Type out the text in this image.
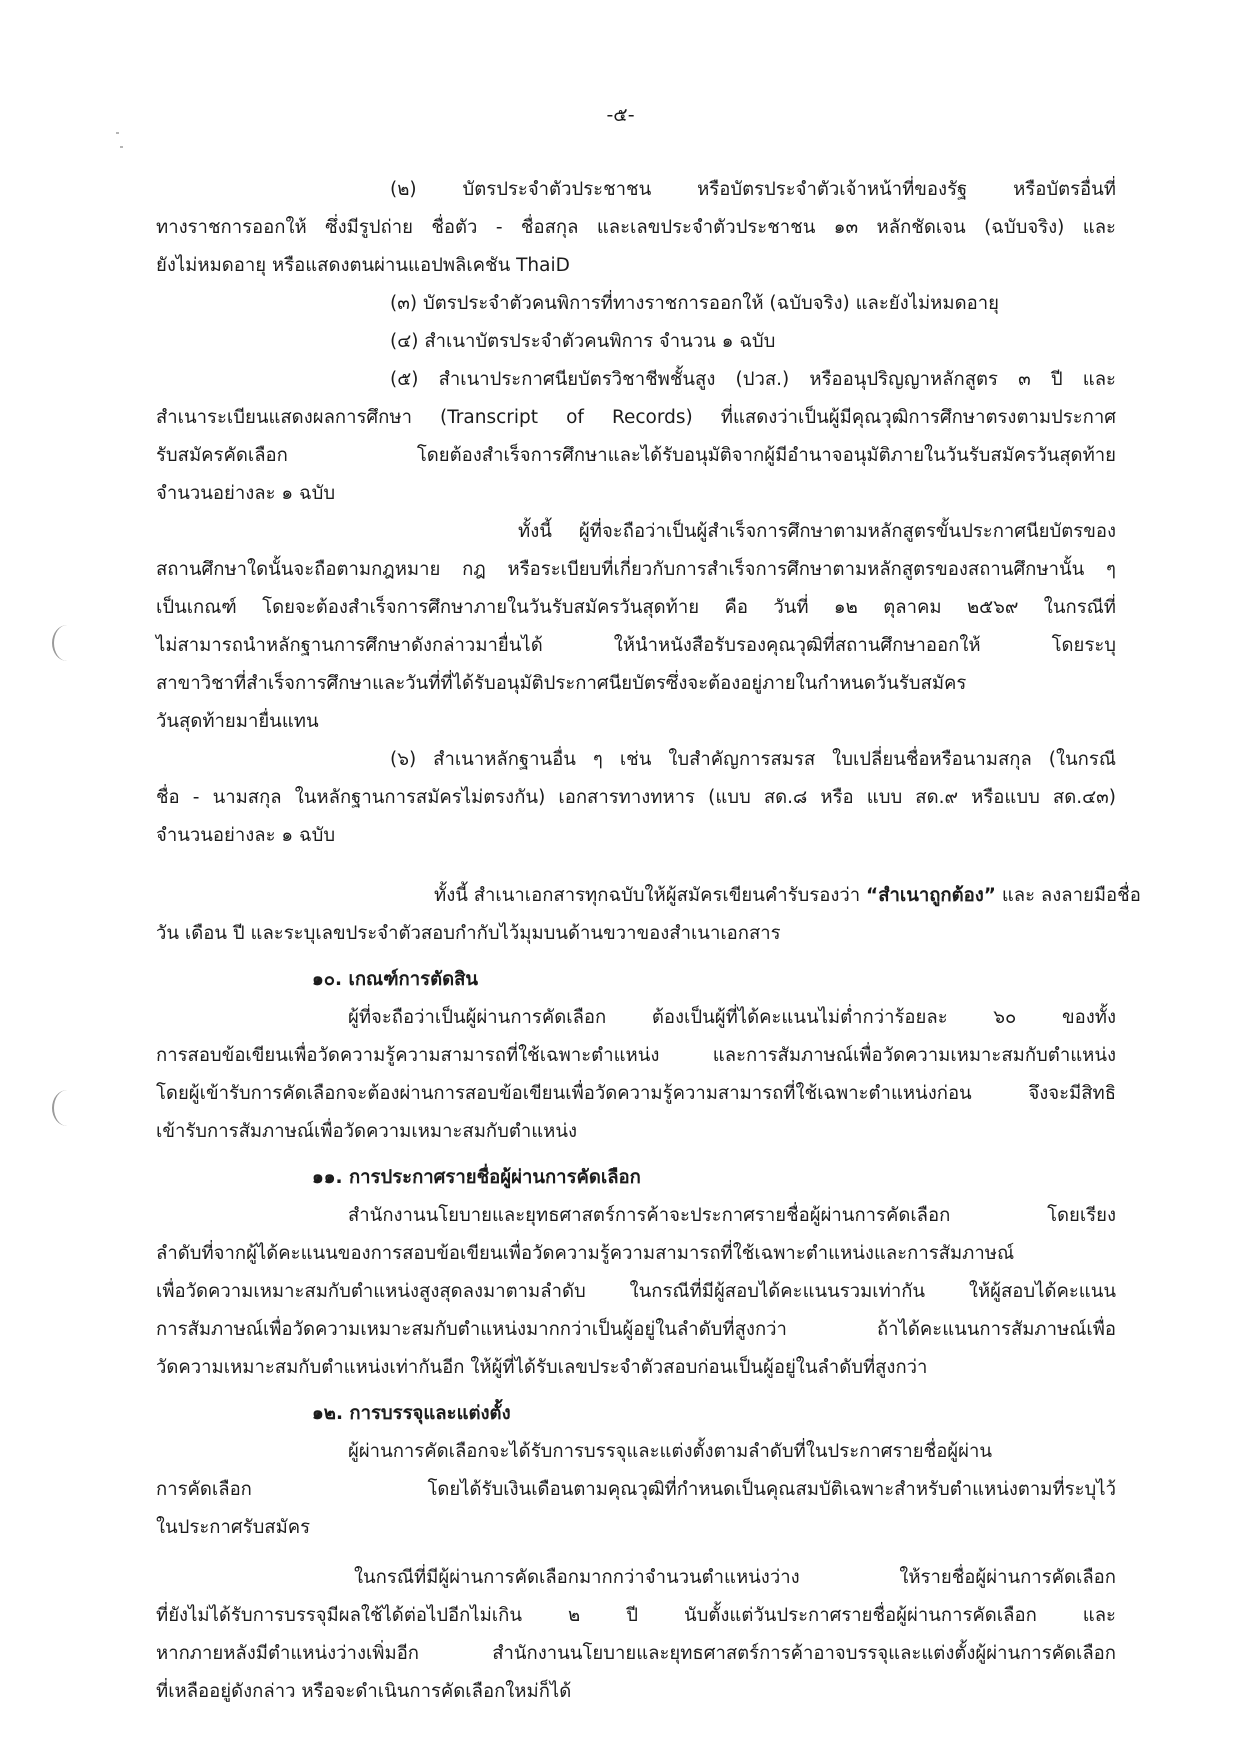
-๕-
(๒) บัตรประจำตัวประชาชน หรือบัตรประจำตัวเจ้าหน้าที่ของรัฐ หรือบัตรอื่นที่
ทางราชการออกให้ ซึ่งมีรูปถ่าย ชื่อตัว - ชื่อสกุล และเลขประจำตัวประชาชน ๑๓ หลักชัดเจน (ฉบับจริง) และ
ยังไม่หมดอายุ หรือแสดงตนผ่านแอปพลิเคชัน ThaiD
(๓) บัตรประจำตัวคนพิการที่ทางราชการออกให้ (ฉบับจริง) และยังไม่หมดอายุ
(๔) สำเนาบัตรประจำตัวคนพิการ จำนวน ๑ ฉบับ
(๕) สำเนาประกาศนียบัตรวิชาชีพชั้นสูง (ปวส.) หรืออนุปริญญาหลักสูตร ๓ ปี และ
สำเนาระเบียนแสดงผลการศึกษา (Transcript of Records) ที่แสดงว่าเป็นผู้มีคุณวุฒิการศึกษาตรงตามประกาศ
รับสมัครคัดเลือก โดยต้องสำเร็จการศึกษาและได้รับอนุมัติจากผู้มีอำนาจอนุมัติภายในวันรับสมัครวันสุดท้าย
จำนวนอย่างละ ๑ ฉบับ
ทั้งนี้ ผู้ที่จะถือว่าเป็นผู้สำเร็จการศึกษาตามหลักสูตรขั้นประกาศนียบัตรของ
สถานศึกษาใดนั้นจะถือตามกฎหมาย กฎ หรือระเบียบที่เกี่ยวกับการสำเร็จการศึกษาตามหลักสูตรของสถานศึกษานั้น ๆ
เป็นเกณฑ์ โดยจะต้องสำเร็จการศึกษาภายในวันรับสมัครวันสุดท้าย คือ วันที่ ๑๒ ตุลาคม ๒๕๖๙ ในกรณีที่
ไม่สามารถนำหลักฐานการศึกษาดังกล่าวมายื่นได้ ให้นำหนังสือรับรองคุณวุฒิที่สถานศึกษาออกให้ โดยระบุ
สาขาวิชาที่สำเร็จการศึกษาและวันที่ที่ได้รับอนุมัติประกาศนียบัตรซึ่งจะต้องอยู่ภายในกำหนดวันรับสมัคร
วันสุดท้ายมายื่นแทน
(๖) สำเนาหลักฐานอื่น ๆ เช่น ใบสำคัญการสมรส ใบเปลี่ยนชื่อหรือนามสกุล (ในกรณี
ชื่อ - นามสกุล ในหลักฐานการสมัครไม่ตรงกัน) เอกสารทางทหาร (แบบ สด.๘ หรือ แบบ สด.๙ หรือแบบ สด.๔๓)
จำนวนอย่างละ ๑ ฉบับ
ทั้งนี้ สำเนาเอกสารทุกฉบับให้ผู้สมัครเขียนคำรับรองว่า “สำเนาถูกต้อง” และ ลงลายมือชื่อ
วัน เดือน ปี และระบุเลขประจำตัวสอบกำกับไว้มุมบนด้านขวาของสำเนาเอกสาร
๑๐. เกณฑ์การตัดสิน
ผู้ที่จะถือว่าเป็นผู้ผ่านการคัดเลือก ต้องเป็นผู้ที่ได้คะแนนไม่ต่ำกว่าร้อยละ ๖๐ ของทั้ง
การสอบข้อเขียนเพื่อวัดความรู้ความสามารถที่ใช้เฉพาะตำแหน่ง และการสัมภาษณ์เพื่อวัดความเหมาะสมกับตำแหน่ง
โดยผู้เข้ารับการคัดเลือกจะต้องผ่านการสอบข้อเขียนเพื่อวัดความรู้ความสามารถที่ใช้เฉพาะตำแหน่งก่อน จึงจะมีสิทธิ
เข้ารับการสัมภาษณ์เพื่อวัดความเหมาะสมกับตำแหน่ง
๑๑. การประกาศรายชื่อผู้ผ่านการคัดเลือก
สำนักงานนโยบายและยุทธศาสตร์การค้าจะประกาศรายชื่อผู้ผ่านการคัดเลือก โดยเรียง
ลำดับที่จากผู้ได้คะแนนของการสอบข้อเขียนเพื่อวัดความรู้ความสามารถที่ใช้เฉพาะตำแหน่งและการสัมภาษณ์
เพื่อวัดความเหมาะสมกับตำแหน่งสูงสุดลงมาตามลำดับ ในกรณีที่มีผู้สอบได้คะแนนรวมเท่ากัน ให้ผู้สอบได้คะแนน
การสัมภาษณ์เพื่อวัดความเหมาะสมกับตำแหน่งมากกว่าเป็นผู้อยู่ในลำดับที่สูงกว่า ถ้าได้คะแนนการสัมภาษณ์เพื่อ
วัดความเหมาะสมกับตำแหน่งเท่ากันอีก ให้ผู้ที่ได้รับเลขประจำตัวสอบก่อนเป็นผู้อยู่ในลำดับที่สูงกว่า
๑๒. การบรรจุและแต่งตั้ง
ผู้ผ่านการคัดเลือกจะได้รับการบรรจุและแต่งตั้งตามลำดับที่ในประกาศรายชื่อผู้ผ่าน
การคัดเลือก โดยได้รับเงินเดือนตามคุณวุฒิที่กำหนดเป็นคุณสมบัติเฉพาะสำหรับตำแหน่งตามที่ระบุไว้
ในประกาศรับสมัคร
ในกรณีที่มีผู้ผ่านการคัดเลือกมากกว่าจำนวนตำแหน่งว่าง ให้รายชื่อผู้ผ่านการคัดเลือก
ที่ยังไม่ได้รับการบรรจุมีผลใช้ได้ต่อไปอีกไม่เกิน ๒ ปี นับตั้งแต่วันประกาศรายชื่อผู้ผ่านการคัดเลือก และ
หากภายหลังมีตำแหน่งว่างเพิ่มอีก สำนักงานนโยบายและยุทธศาสตร์การค้าอาจบรรจุและแต่งตั้งผู้ผ่านการคัดเลือก
ที่เหลืออยู่ดังกล่าว หรือจะดำเนินการคัดเลือกใหม่ก็ได้
